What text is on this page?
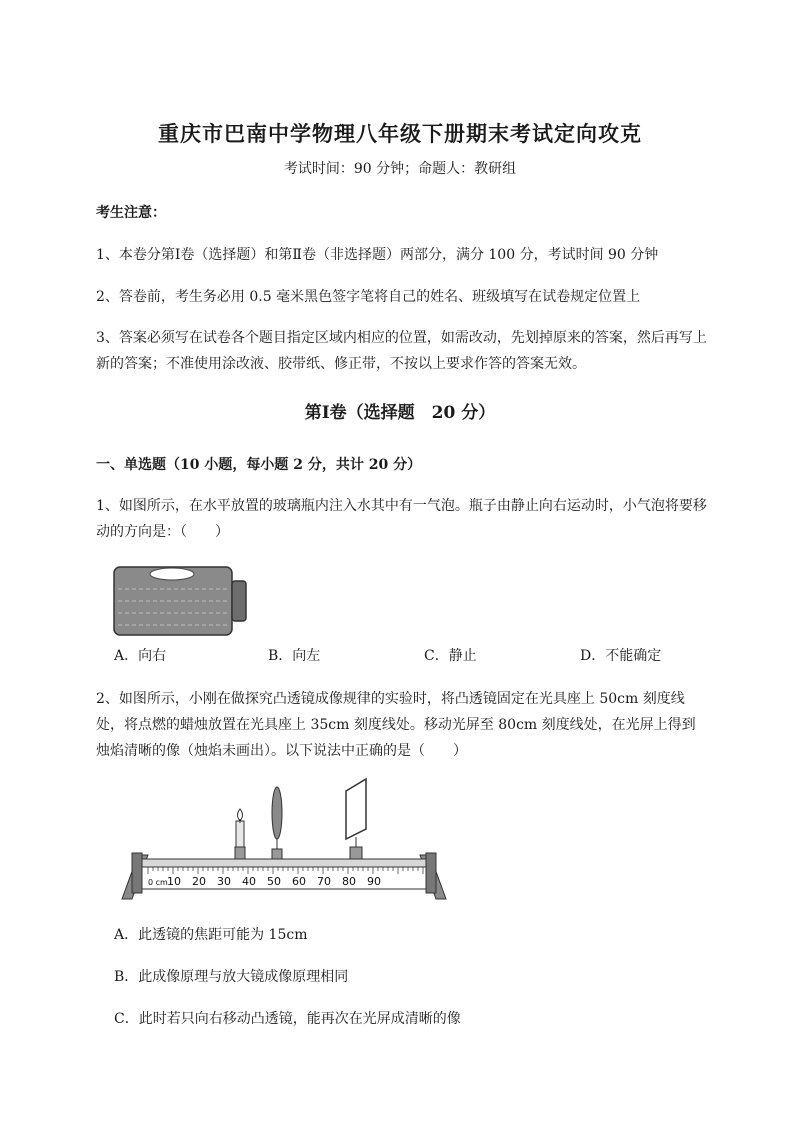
重庆市巴南中学物理八年级下册期末考试定向攻克
考试时间：90 分钟；命题人：教研组
考生注意：
1、本卷分第Ⅰ卷（选择题）和第Ⅱ卷（非选择题）两部分，满分 100 分，考试时间 90 分钟
2、答卷前，考生务必用 0.5 毫米黑色签字笔将自己的姓名、班级填写在试卷规定位置上
3、答案必须写在试卷各个题目指定区域内相应的位置，如需改动，先划掉原来的答案，然后再写上新的答案；不准使用涂改液、胶带纸、修正带，不按以上要求作答的答案无效。
第Ⅰ卷（选择题　20 分）
一、单选题（10 小题，每小题 2 分，共计 20 分）
1、如图所示，在水平放置的玻璃瓶内注入水其中有一气泡。瓶子由静止向右运动时，小气泡将要移动的方向是：（　　）
A．向右	B．向左	C．静止	D．不能确定
2、如图所示，小刚在做探究凸透镜成像规律的实验时，将凸透镜固定在光具座上 50cm 刻度线处，将点燃的蜡烛放置在光具座上 35cm 刻度线处。移动光屏至 80cm 刻度线处，在光屏上得到烛焰清晰的像（烛焰未画出）。以下说法中正确的是（　　）
0 cm 10 20 30 40 50 60 70 80 90
A．此透镜的焦距可能为 15cm
B．此成像原理与放大镜成像原理相同
C．此时若只向右移动凸透镜，能再次在光屏成清晰的像
